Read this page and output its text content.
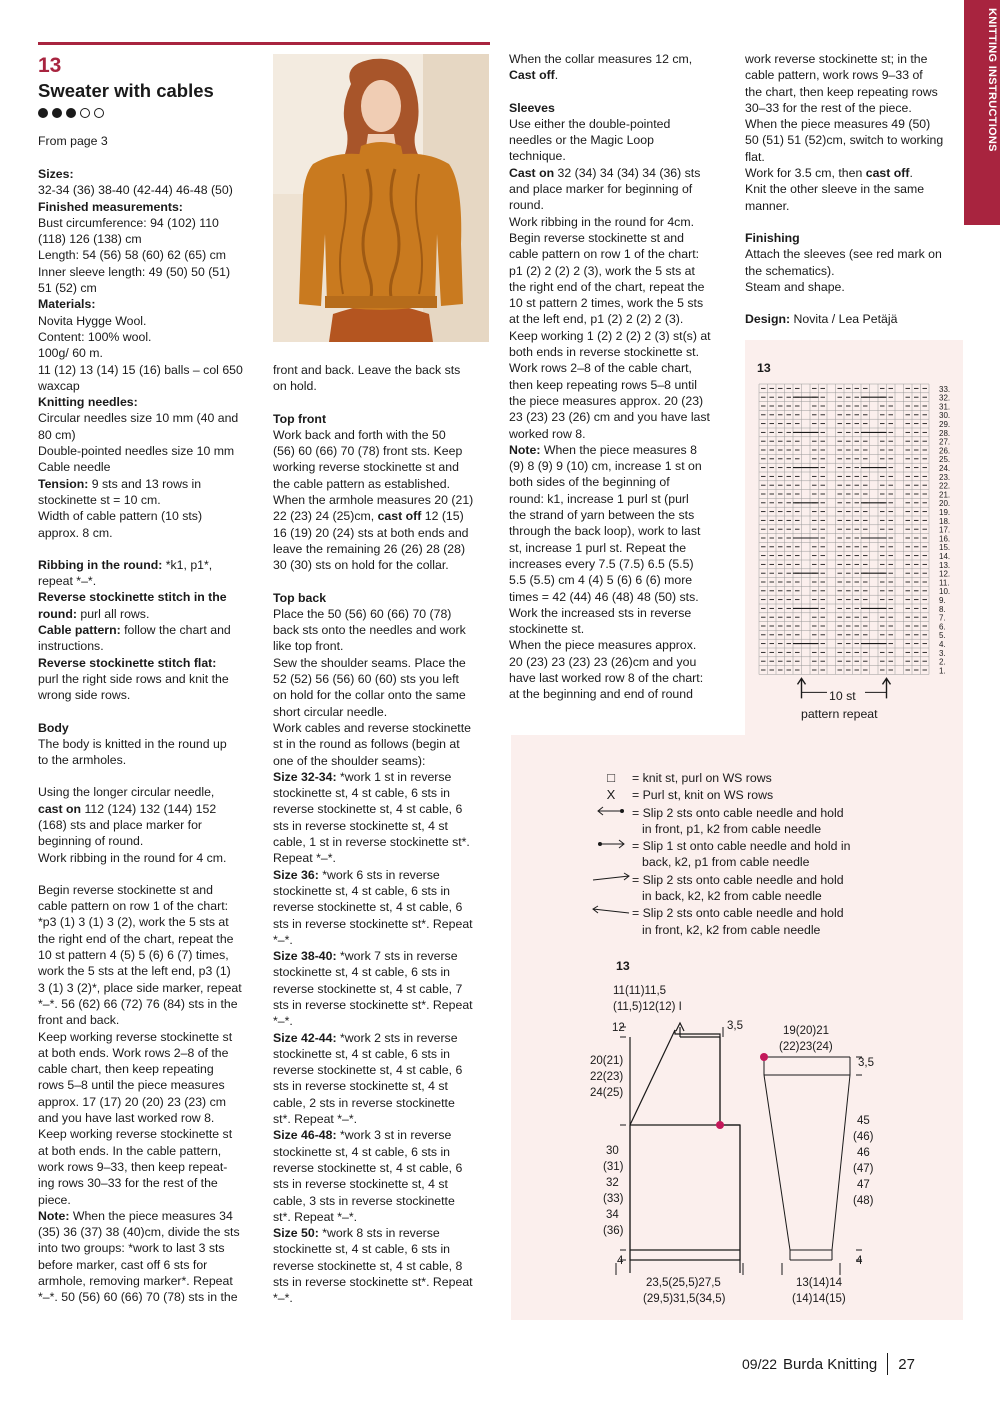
KNITTING INSTRUCTIONS
13
Sweater with cables
From page 3

Sizes:

32-34 (36) 38-40 (42-44) 46-48 (50)

Finished measurements:

Bust circumference: 94 (102) 110

(118) 126 (138) cm

Length: 54 (56) 58 (60) 62 (65) cm

Inner sleeve length: 49 (50) 50 (51)

51 (52) cm

Materials:

Novita Hygge Wool.

Content: 100% wool.

100g/ 60 m.

11 (12) 13 (14) 15 (16) balls – col 650

waxcap

Knitting needles:

Circular needles size 10 mm (40 and

80 cm)

Double-pointed needles size 10 mm

Cable needle

Tension: 9 sts and 13 rows in

stockinette st = 10 cm.

Width of cable pattern (10 sts)

approx. 8 cm.

Ribbing in the round: *k1, p1*,

repeat *–*.

Reverse stockinette stitch in the

round: purl all rows.

Cable pattern: follow the chart and

instructions.

Reverse stockinette stitch flat:

purl the right side rows and knit the

wrong side rows.

Body

The body is knitted in the round up

to the armholes.

Using the longer circular needle,

cast on 112 (124) 132 (144) 152

(168) sts and place marker for

beginning of round.

Work ribbing in the round for 4 cm.

Begin reverse stockinette st and

cable pattern on row 1 of the chart:

*p3 (1) 3 (1) 3 (2), work the 5 sts at

the right end of the chart, repeat the

10 st pattern 4 (5) 5 (6) 6 (7) times,

work the 5 sts at the left end, p3 (1)

3 (1) 3 (2)*, place side marker, repeat

*–*. 56 (62) 66 (72) 76 (84) sts in the

front and back.

Keep working reverse stockinette st

at both ends. Work rows 2–8 of the

cable chart, then keep repeating

rows 5–8 until the piece measures

approx. 17 (17) 20 (20) 23 (23) cm

and you have last worked row 8.

Keep working reverse stockinette st

at both ends. In the cable pattern,

work rows 9–33, then keep repeat-

ing rows 30–33 for the rest of the

piece.

Note: When the piece measures 34

(35) 36 (37) 38 (40)cm, divide the sts

into two groups: *work to last 3 sts

before marker, cast off 6 sts for

armhole, removing marker*. Repeat

*–*. 50 (56) 60 (66) 70 (78) sts in the

front and back. Leave the back sts

on hold.

Top front

Work back and forth with the 50

(56) 60 (66) 70 (78) front sts. Keep

working reverse stockinette st and

the cable pattern as established.

When the armhole measures 20 (21)

22 (23) 24 (25)cm, cast off 12 (15)

16 (19) 20 (24) sts at both ends and

leave the remaining 26 (26) 28 (28)

30 (30) sts on hold for the collar.

Top back

Place the 50 (56) 60 (66) 70 (78)

back sts onto the needles and work

like top front.

Sew the shoulder seams. Place the

52 (52) 56 (56) 60 (60) sts you left

on hold for the collar onto the same

short circular needle.

Work cables and reverse stockinette

st in the round as follows (begin at

one of the shoulder seams):

Size 32-34: *work 1 st in reverse

stockinette st, 4 st cable, 6 sts in

reverse stockinette st, 4 st cable, 6

sts in reverse stockinette st, 4 st

cable, 1 st in reverse stockinette st*.

Repeat *–*.

Size 36: *work 6 sts in reverse

stockinette st, 4 st cable, 6 sts in

reverse stockinette st, 4 st cable, 6

sts in reverse stockinette st*. Repeat

*–*.

Size 38-40: *work 7 sts in reverse

stockinette st, 4 st cable, 6 sts in

reverse stockinette st, 4 st cable, 7

sts in reverse stockinette st*. Repeat

*–*.

Size 42-44: *work 2 sts in reverse

stockinette st, 4 st cable, 6 sts in

reverse stockinette st, 4 st cable, 6

sts in reverse stockinette st, 4 st

cable, 2 sts in reverse stockinette

st*. Repeat *–*.

Size 46-48: *work 3 st in reverse

stockinette st, 4 st cable, 6 sts in

reverse stockinette st, 4 st cable, 6

sts in reverse stockinette st, 4 st

cable, 3 sts in reverse stockinette

st*. Repeat *–*.

Size 50: *work 8 sts in reverse

stockinette st, 4 st cable, 6 sts in

reverse stockinette st, 4 st cable, 8

sts in reverse stockinette st*. Repeat

*–*.

When the collar measures 12 cm,

Cast off.

Sleeves

Use either the double-pointed

needles or the Magic Loop

technique.

Cast on 32 (34) 34 (34) 34 (36) sts

and place marker for beginning of

round.

Work ribbing in the round for 4cm.

Begin reverse stockinette st and

cable pattern on row 1 of the chart:

p1 (2) 2 (2) 2 (3), work the 5 sts at

the right end of the chart, repeat the

10 st pattern 2 times, work the 5 sts

at the left end, p1 (2) 2 (2) 2 (3).

Keep working 1 (2) 2 (2) 2 (3) st(s) at

both ends in reverse stockinette st.

Work rows 2–8 of the cable chart,

then keep repeating rows 5–8 until

the piece measures approx. 20 (23)

23 (23) 23 (26) cm and you have last

worked row 8.

Note: When the piece measures 8

(9) 8 (9) 9 (10) cm, increase 1 st on

both sides of the beginning of

round: k1, increase 1 purl st (purl

the strand of yarn between the sts

through the back loop), work to last

st, increase 1 purl st. Repeat the

increases every 7.5 (7.5) 6.5 (5.5)

5.5 (5.5) cm 4 (4) 5 (6) 6 (6) more

times = 42 (44) 46 (48) 48 (50) sts.

Work the increased sts in reverse

stockinette st.

When the piece measures approx.

20 (23) 23 (23) 23 (26)cm and you

have last worked row 8 of the chart:

at the beginning and end of round

work reverse stockinette st; in the

cable pattern, work rows 9–33 of

the chart, then keep repeating rows

30–33 for the rest of the piece.

When the piece measures 49 (50)

50 (51) 51 (52)cm, switch to working

flat.

Work for 3.5 cm, then cast off.

Knit the other sleeve in the same

manner.

Finishing

Attach the sleeves (see red mark on

the schematics).

Steam and shape.

Design: Novita / Lea Petäjä

13
33.
32.
31.
30.
29.
28.
27.
26.
25.
24.
23.
22.
21.
20.
19.
18.
17.
16.
15.
14.
13.
12.
11.
10.
9.
8.
7.
6.
5.
4.
3.
2.
1.
10 st
pattern repeat
□	= knit st, purl on WS rows
X	= Purl st, knit on WS rows
= Slip 2 sts onto cable needle and hold
in front, p1, k2 from cable needle
= Slip 1 st onto cable needle and hold in
back, k2, p1 from cable needle
= Slip 2 sts onto cable needle and hold
in back, k2, k2 from cable needle
= Slip 2 sts onto cable needle and hold
in front, k2, k2 from cable needle
13
11(11)11,5
(11,5)12(12) I
12	3,5
20(21)
22(23)
24(25)
30
(31)
32
(33)
34
(36)
4
23,5(25,5)27,5
(29,5)31,5(34,5)
19(20)21
(22)23(24)
3,5
45
(46)
46
(47)
47
(48)
4
13(14)14
(14)14(15)
09/22 Burda Knitting 27
